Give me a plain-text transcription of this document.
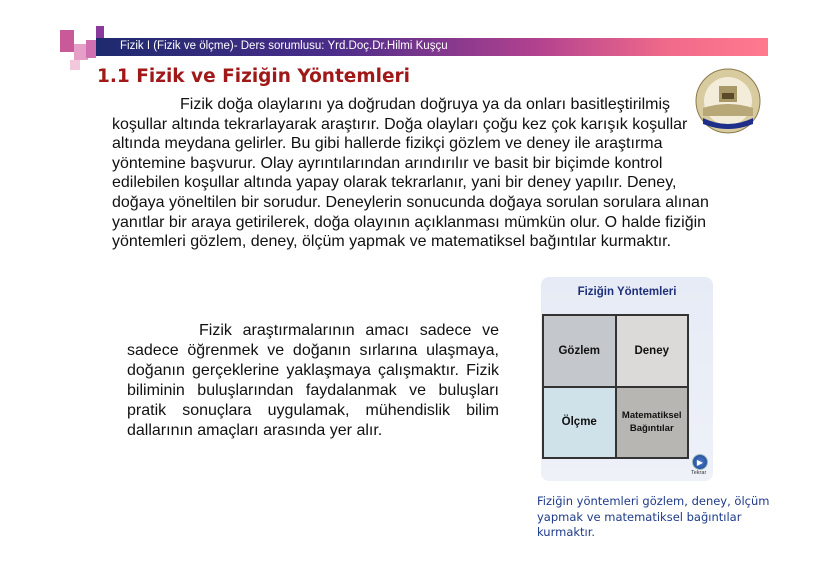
Fizik I (Fizik ve ölçme)- Ders sorumlusu: Yrd.Doç.Dr.Hilmi Kuşçu
1.1 Fizik ve Fiziğin Yöntemleri

Fizik doğa olaylarını ya doğrudan doğruya ya da onları basitleştirilmiş koşullar altında tekrarlayarak araştırır. Doğa olayları çoğu kez çok karışık koşullar altında meydana gelirler. Bu gibi hallerde fizikçi gözlem ve deney ile araştırma yöntemine başvurur. Olay ayrıntılarından arındırılır ve basit bir biçimde kontrol edilebilen koşullar altında yapay olarak tekrarlanır, yani bir deney yapılır. Deney, doğaya yöneltilen bir sorudur. Deneylerin sonucunda doğaya sorulan sorulara alınan yanıtlar bir araya getirilerek, doğa olayının açıklanması mümkün olur. O halde fiziğin yöntemleri gözlem, deney, ölçüm yapmak ve matematiksel bağıntılar kurmaktır.

Fizik araştırmalarının amacı sadece ve sadece öğrenmek ve doğanın sırlarına ulaşmaya, doğanın gerçeklerine yaklaşmaya çalışmaktır. Fizik biliminin buluşlarından faydalanmak ve buluşları pratik sonuçlara uygulamak, mühendislik bilim dallarının amaçları arasında yer alır.

Fiziğin Yöntemleri
Gözlem	Deney
Ölçme
Matematiksel Bağıntılar
▶
Tekrar

Fiziğin yöntemleri gözlem, deney, ölçüm yapmak ve matematiksel bağıntılar kurmaktır.
